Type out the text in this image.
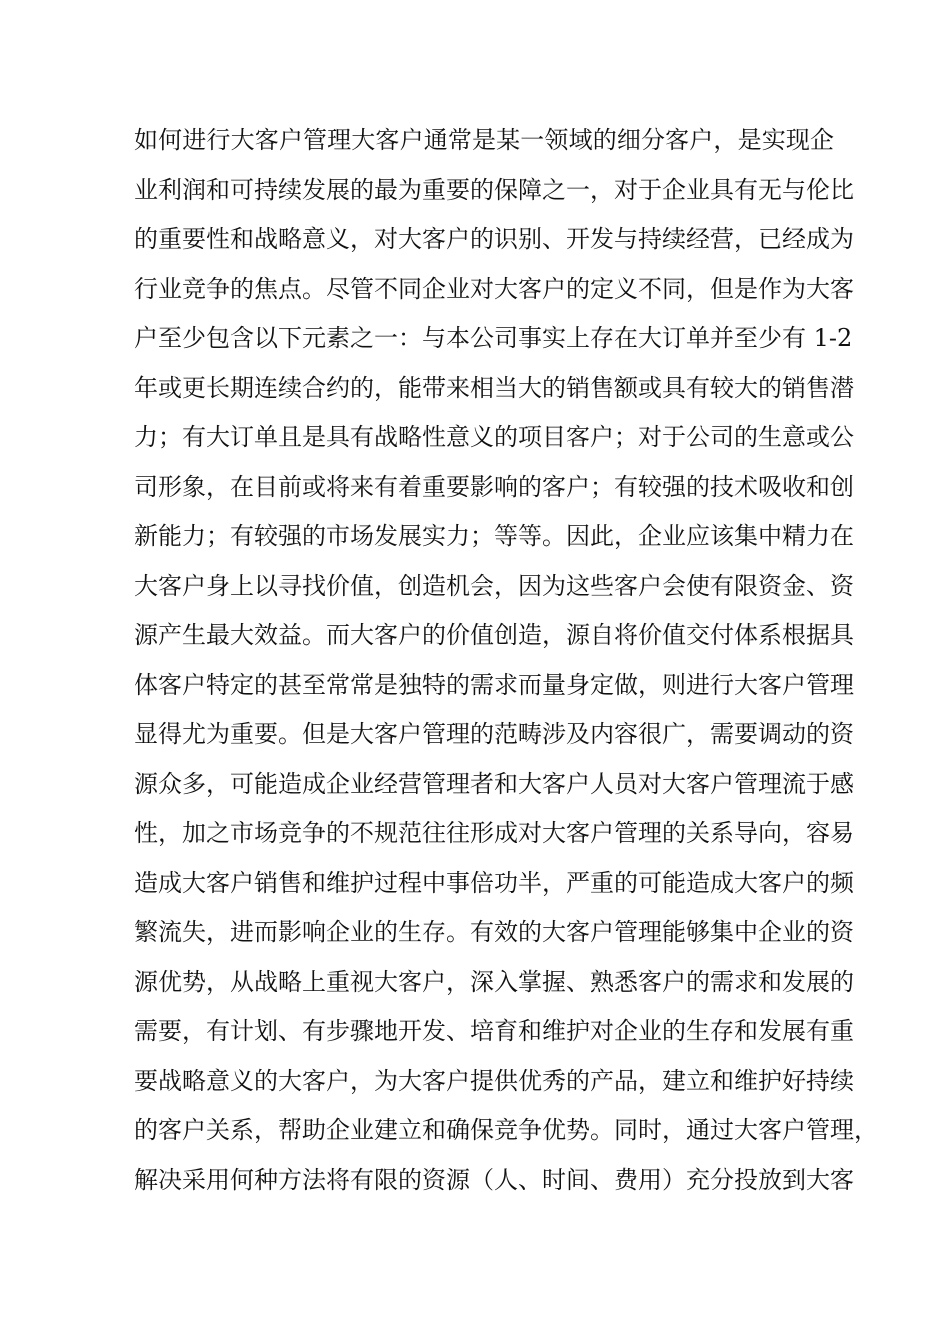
如何进行大客户管理大客户通常是某一领域的细分客户，是实现企
业利润和可持续发展的最为重要的保障之一，对于企业具有无与伦比
的重要性和战略意义，对大客户的识别、开发与持续经营，已经成为
行业竞争的焦点。尽管不同企业对大客户的定义不同，但是作为大客
户至少包含以下元素之一：与本公司事实上存在大订单并至少有 1-2
年或更长期连续合约的，能带来相当大的销售额或具有较大的销售潜
力；有大订单且是具有战略性意义的项目客户；对于公司的生意或公
司形象，在目前或将来有着重要影响的客户；有较强的技术吸收和创
新能力；有较强的市场发展实力；等等。因此，企业应该集中精力在
大客户身上以寻找价值，创造机会，因为这些客户会使有限资金、资
源产生最大效益。而大客户的价值创造，源自将价值交付体系根据具
体客户特定的甚至常常是独特的需求而量身定做，则进行大客户管理
显得尤为重要。但是大客户管理的范畴涉及内容很广，需要调动的资
源众多，可能造成企业经营管理者和大客户人员对大客户管理流于感
性，加之市场竞争的不规范往往形成对大客户管理的关系导向，容易
造成大客户销售和维护过程中事倍功半，严重的可能造成大客户的频
繁流失，进而影响企业的生存。有效的大客户管理能够集中企业的资
源优势，从战略上重视大客户，深入掌握、熟悉客户的需求和发展的
需要，有计划、有步骤地开发、培育和维护对企业的生存和发展有重
要战略意义的大客户，为大客户提供优秀的产品，建立和维护好持续
的客户关系，帮助企业建立和确保竞争优势。同时，通过大客户管理，
解决采用何种方法将有限的资源（人、时间、费用）充分投放到大客
